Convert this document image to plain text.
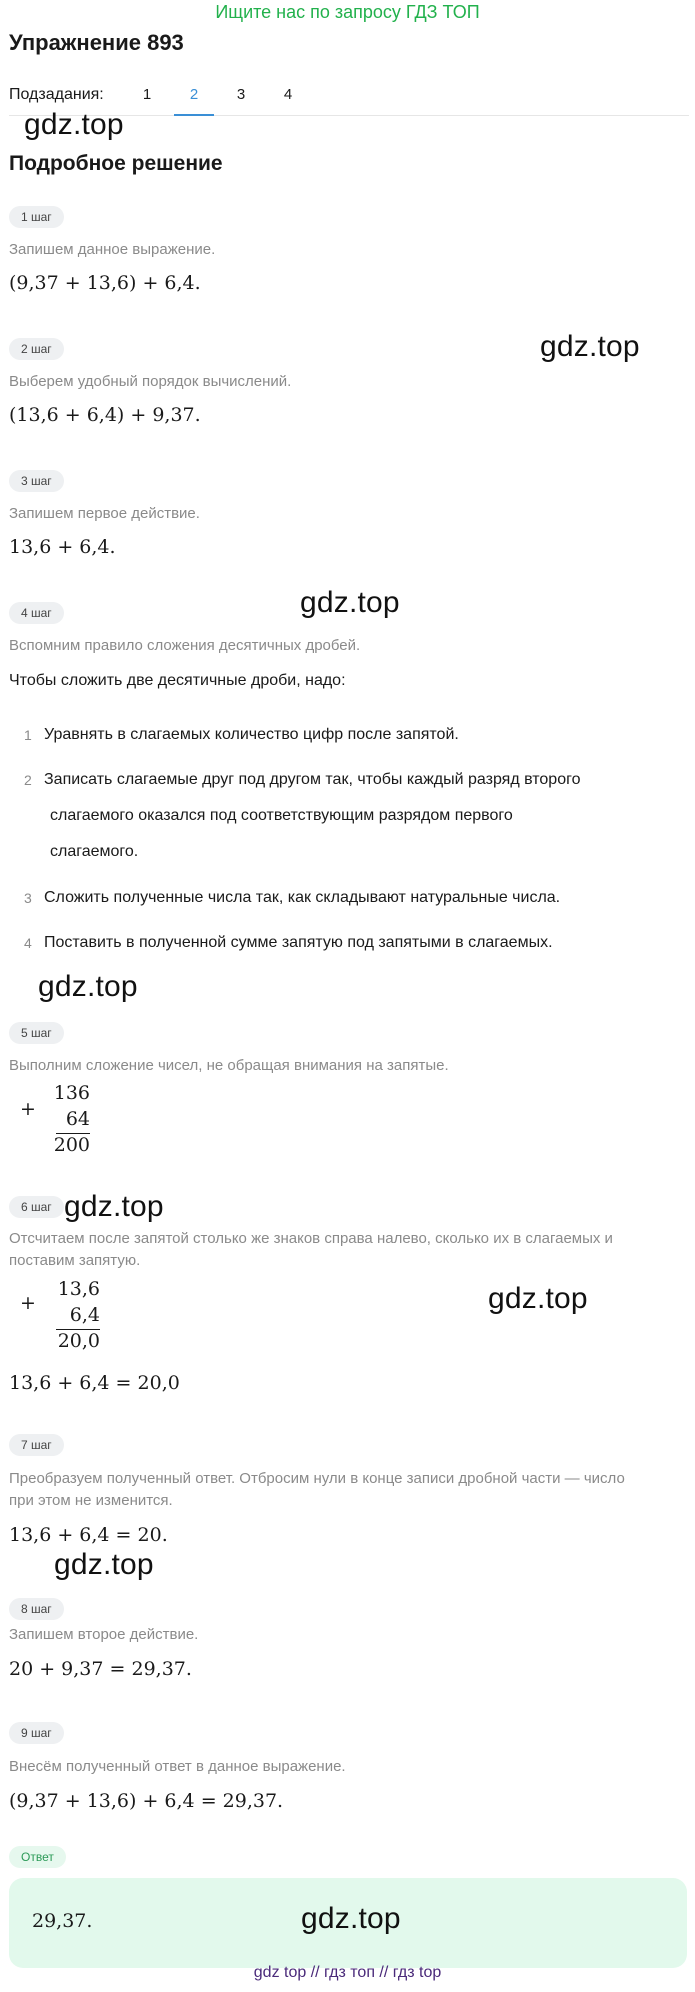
Ищите нас по запросу ГДЗ ТОП
Упражнение 893
Подзадания:	1	2	3	4
gdz.top
gdz.top
gdz.top
gdz.top
gdz.top
gdz.top
gdz.top
Подробное решение
1 шаг
Запишем данное выражение.
(9,37 + 13,6) + 6,4.
2 шаг
Выберем удобный порядок вычислений.
(13,6 + 6,4) + 9,37.
3 шаг
Запишем первое действие.
13,6 + 6,4.
4 шаг
Вспомним правило сложения десятичных дробей.
Чтобы сложить две десятичные дроби, надо:
1 Уравнять в слагаемых количество цифр после запятой.
2 Записать слагаемые друг под другом так, чтобы каждый разряд второго
слагаемого оказался под соответствующим разрядом первого
слагаемого.
3 Сложить полученные числа так, как складывают натуральные числа.
4 Поставить в полученной сумме запятую под запятыми в слагаемых.
5 шаг
Выполним сложение чисел, не обращая внимания на запятые.
+
136
64
200
6 шаг
Отсчитаем после запятой столько же знаков справа налево, сколько их в слагаемых и
поставим запятую.
+
13,6
6,4
20,0
13,6 + 6,4 = 20,0
7 шаг
Преобразуем полученный ответ. Отбросим нули в конце записи дробной части — число
при этом не изменится.
13,6 + 6,4 = 20.
8 шаг
Запишем второе действие.
20 + 9,37 = 29,37.
9 шаг
Внесём полученный ответ в данное выражение.
(9,37 + 13,6) + 6,4 = 29,37.
Ответ
29,37.	gdz.top
gdz top // гдз топ // гдз top
